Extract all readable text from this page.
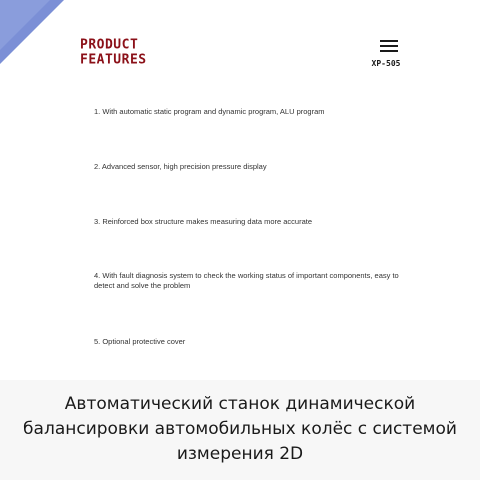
PRODUCT
FEATURES	XP-505
1. With automatic static program and dynamic program, ALU program
2. Advanced sensor, high precision pressure display
3. Reinforced box structure makes measuring data more accurate
4. With fault diagnosis system to check the working status of important components, easy to detect and solve the problem
5. Optional protective cover
Автоматический станок динамической балансировки автомобильных колёс с системой измерения 2D
